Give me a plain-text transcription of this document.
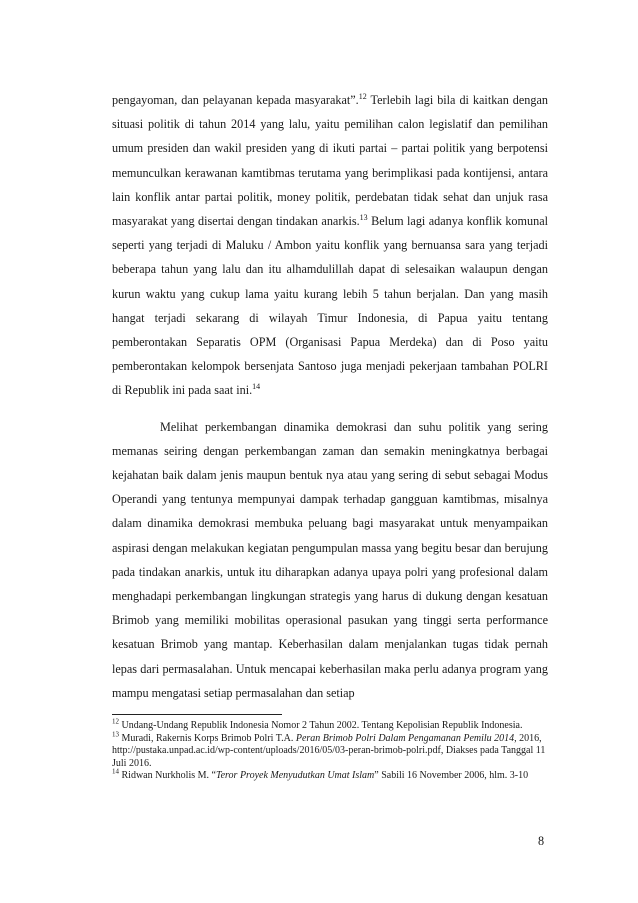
pengayoman, dan pelayanan kepada masyarakat”.$^{12}$ Terlebih lagi bila di kaitkan dengan situasi politik di tahun 2014 yang lalu, yaitu pemilihan calon legislatif dan pemilihan umum presiden dan wakil presiden yang di ikuti partai – partai politik yang berpotensi memunculkan kerawanan kamtibmas terutama yang berimplikasi pada kontijensi, antara lain konflik antar partai politik, money politik, perdebatan tidak sehat dan unjuk rasa masyarakat yang disertai dengan tindakan anarkis.$^{13}$ Belum lagi adanya konflik komunal seperti yang terjadi di Maluku / Ambon yaitu konflik yang bernuansa sara yang terjadi beberapa tahun yang lalu dan itu alhamdulillah dapat di selesaikan walaupun dengan kurun waktu yang cukup lama yaitu kurang lebih 5 tahun berjalan. Dan yang masih hangat terjadi sekarang di wilayah Timur Indonesia, di Papua yaitu tentang pemberontakan Separatis OPM (Organisasi Papua Merdeka) dan di Poso yaitu pemberontakan kelompok bersenjata Santoso juga menjadi pekerjaan tambahan POLRI di Republik ini pada saat ini.$^{14}$

Melihat perkembangan dinamika demokrasi dan suhu politik yang sering memanas seiring dengan perkembangan zaman dan semakin meningkatnya berbagai kejahatan baik dalam jenis maupun bentuk nya atau yang sering di sebut sebagai Modus Operandi yang tentunya mempunyai dampak terhadap gangguan kamtibmas, misalnya dalam dinamika demokrasi membuka peluang bagi masyarakat untuk menyampaikan aspirasi dengan melakukan kegiatan pengumpulan massa yang begitu besar dan berujung pada tindakan anarkis, untuk itu diharapkan adanya upaya polri yang profesional dalam menghadapi perkembangan lingkungan strategis yang harus di dukung dengan kesatuan Brimob yang memiliki mobilitas operasional pasukan yang tinggi serta performance kesatuan Brimob yang mantap. Keberhasilan dalam menjalankan tugas tidak pernah lepas dari permasalahan. Untuk mencapai keberhasilan maka perlu adanya program yang mampu mengatasi setiap permasalahan dan setiap

$^{12}$ Undang-Undang Republik Indonesia Nomor 2 Tahun 2002. Tentang Kepolisian Republik Indonesia.

$^{13}$ Muradi, Rakernis Korps Brimob Polri T.A. Peran Brimob Polri Dalam Pengamanan Pemilu 2014, 2016, http://pustaka.unpad.ac.id/wp-content/uploads/2016/05/03-peran-brimob-polri.pdf, Diakses pada Tanggal 11 Juli 2016.

$^{14}$ Ridwan Nurkholis M. “Teror Proyek Menyudutkan Umat Islam” Sabili 16 November 2006, hlm. 3-10

8
